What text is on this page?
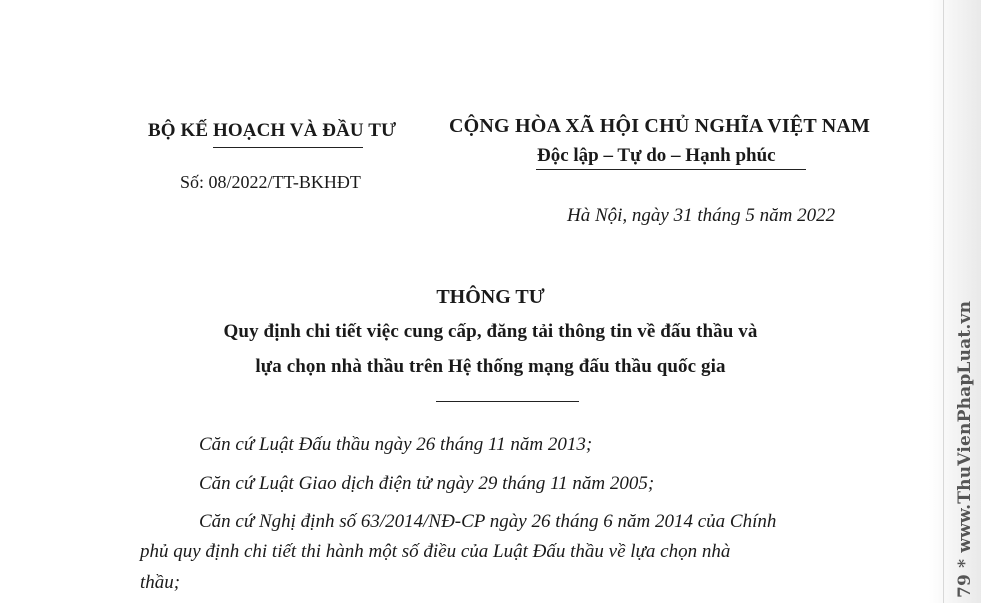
BỘ KẾ HOẠCH VÀ ĐẦU TƯ
Số: 08/2022/TT-BKHĐT
CỘNG HÒA XÃ HỘI CHỦ NGHĨA VIỆT NAM
Độc lập – Tự do – Hạnh phúc
Hà Nội, ngày 31 tháng 5 năm 2022
THÔNG TƯ
Quy định chi tiết việc cung cấp, đăng tải thông tin về đấu thầu và
lựa chọn nhà thầu trên Hệ thống mạng đấu thầu quốc gia
Căn cứ Luật Đấu thầu ngày 26 tháng 11 năm 2013;
Căn cứ Luật Giao dịch điện tử ngày 29 tháng 11 năm 2005;
Căn cứ Nghị định số 63/2014/NĐ-CP ngày 26 tháng 6 năm 2014 của Chính
phủ quy định chi tiết thi hành một số điều của Luật Đấu thầu về lựa chọn nhà
thầu;	79 * www.ThuVienPhapLuat.vn
